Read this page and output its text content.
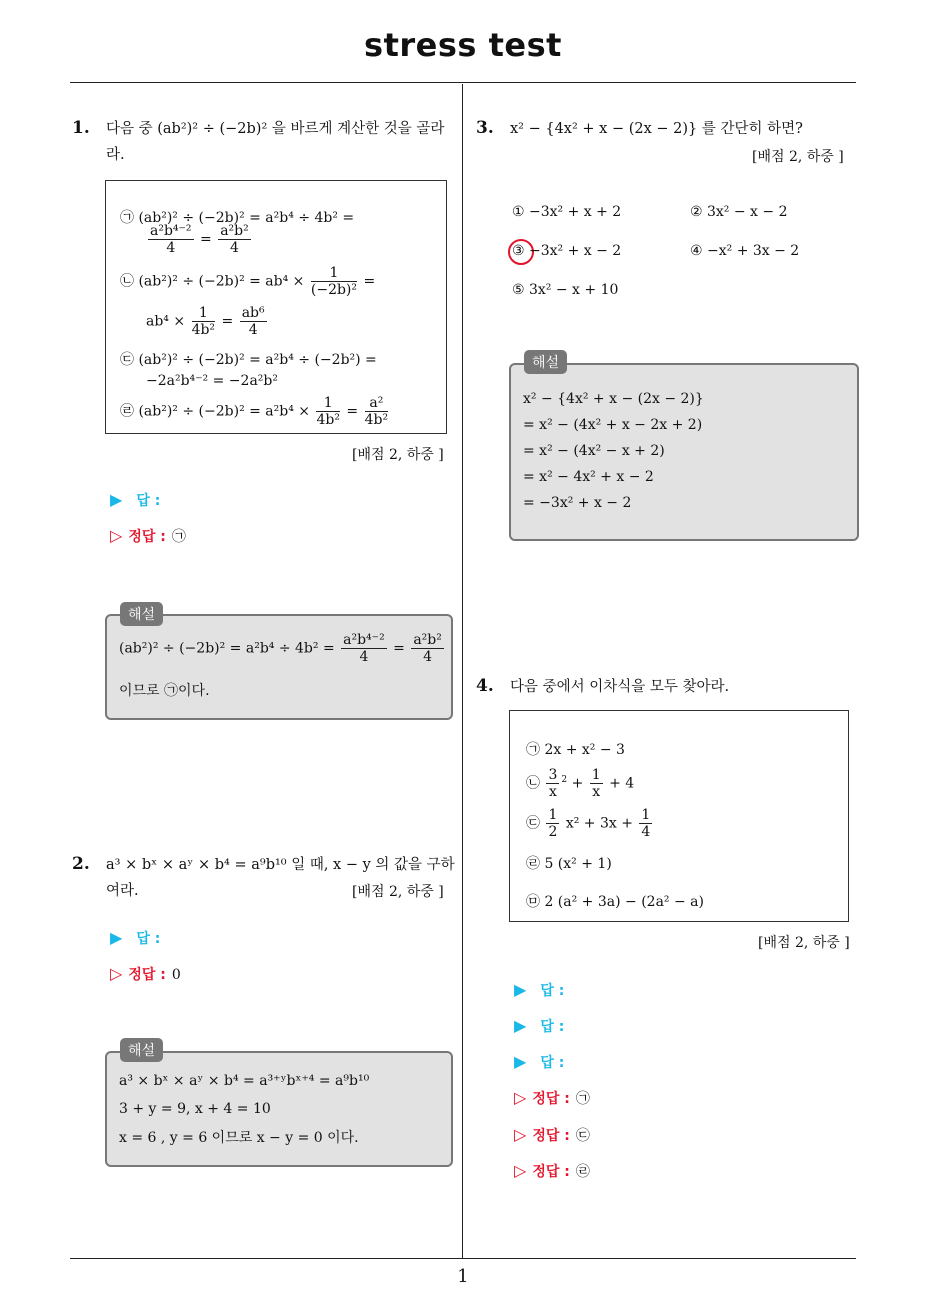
stress test
1
1. 다음 중 (ab²)² ÷ (−2b)² 을 바르게 계산한 것을 골라
라.
㉠ (ab²)² ÷ (−2b)² = a²b⁴ ÷ 4b² =
$\frac{\text{a²b⁴⁻²}}{4} = \frac{\text{a²b²}}{4}$
㉡ $(ab^2)^2 \div (-2b)^2 = ab^4 \times \frac{1}{\text{(−2b)²}}$ =
$ab^4 \times \frac{1}{\text{4b²}} = \frac{\text{ab⁶}}{4}$
㉢ (ab²)² ÷ (−2b)² = a²b⁴ ÷ (−2b²) =
−2a²b⁴⁻² = −2a²b²
㉣ $(ab^2)^2 \div (-2b)^2 = a^2b^4 \times \frac{1}{\text{4b²}} = \frac{\text{a²}}{\text{4b²}}$
[배점 2, 하중 ]
▶ 답 :
▷ 정답 : ㉠
$(ab^2)^2 \div (-2b)^2 = a^2b^4 \div 4b^2 = \frac{\text{a²b⁴⁻²}}{4} = \frac{\text{a²b²}}{4}$
이므로 ㉠이다.
해설
2. a³ × bˣ × aʸ × b⁴ = a⁹b¹⁰ 일 때, x − y 의 값을 구하
여라.	[배점 2, 하중 ]
▶ 답 :
▷ 정답 : 0
a³ × bˣ × aʸ × b⁴ = a³⁺ʸbˣ⁺⁴ = a⁹b¹⁰
3 + y = 9, x + 4 = 10
x = 6 , y = 6 이므로 x − y = 0 이다.
해설
3. x² − {4x² + x − (2x − 2)} 를 간단히 하면?
[배점 2, 하중 ]
① −3x² + x + 2	② 3x² − x − 2
③ −3x² + x − 2	④ −x² + 3x − 2
⑤ 3x² − x + 10
x² − {4x² + x − (2x − 2)}
= x² − (4x² + x − 2x + 2)
= x² − (4x² − x + 2)
= x² − 4x² + x − 2
= −3x² + x − 2
해설
4. 다음 중에서 이차식을 모두 찾아라.
㉠ 2x + x² − 3
㉡ $\frac{3}{x} ^2 + \frac{1}{x} + 4$
㉢ $\frac{1}{2} x^2 + 3x + \frac{1}{4}$
㉣ 5 (x² + 1)
㉤ 2 (a² + 3a) − (2a² − a)
[배점 2, 하중 ]
▶ 답 :
▶ 답 :
▶ 답 :
▷ 정답 : ㉠
▷ 정답 : ㉢
▷ 정답 : ㉣
